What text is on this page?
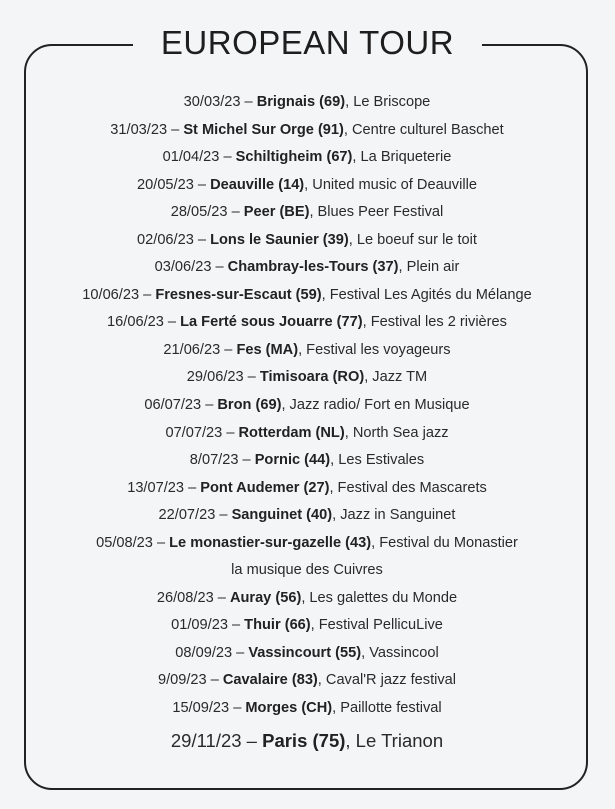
EUROPEAN TOUR
30/03/23 – Brignais (69), Le Briscope
31/03/23 – St Michel Sur Orge (91), Centre culturel Baschet
01/04/23 – Schiltigheim (67), La Briqueterie
20/05/23 – Deauville (14), United music of Deauville
28/05/23 – Peer (BE), Blues Peer Festival
02/06/23 – Lons le Saunier (39), Le boeuf sur le toit
03/06/23 – Chambray-les-Tours (37), Plein air
10/06/23 – Fresnes-sur-Escaut (59), Festival Les Agités du Mélange
16/06/23 – La Ferté sous Jouarre (77), Festival les 2 rivières
21/06/23 – Fes (MA), Festival les voyageurs
29/06/23 – Timisoara (RO), Jazz TM
06/07/23 – Bron (69), Jazz radio/ Fort en Musique
07/07/23 – Rotterdam (NL), North Sea jazz
8/07/23 – Pornic (44), Les Estivales
13/07/23 – Pont Audemer (27), Festival des Mascarets
22/07/23 – Sanguinet (40), Jazz in Sanguinet
05/08/23 – Le monastier-sur-gazelle (43), Festival du Monastier
la musique des Cuivres
26/08/23 – Auray (56), Les galettes du Monde
01/09/23 – Thuir (66), Festival PellicuLive
08/09/23 – Vassincourt (55), Vassincool
9/09/23 – Cavalaire (83), Caval'R jazz festival
15/09/23 – Morges (CH), Paillotte festival
29/11/23 – Paris (75), Le Trianon
